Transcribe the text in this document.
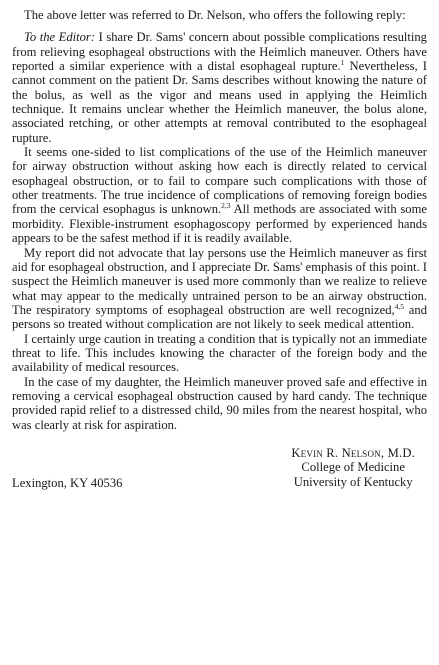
The above letter was referred to Dr. Nelson, who offers the following reply:

To the Editor: I share Dr. Sams' concern about possible complications resulting from relieving esophageal obstructions with the Heimlich maneuver. Others have reported a similar experience with a distal esophageal rupture.$^1$ Nevertheless, I cannot comment on the patient Dr. Sams describes without knowing the nature of the bolus, as well as the vigor and means used in applying the Heimlich technique. It remains unclear whether the Heimlich maneuver, the bolus alone, associated retching, or other attempts at removal contributed to the esophageal rupture.

It seems one-sided to list complications of the use of the Heimlich maneuver for airway obstruction without asking how each is directly related to cervical esophageal obstruction, or to fail to compare such complications with those of other treatments. The true incidence of complications of removing foreign bodies from the cervical esophagus is unknown.$^{2,3}$ All methods are associated with some morbidity. Flexible-instrument esophagoscopy performed by experienced hands appears to be the safest method if it is readily available.

My report did not advocate that lay persons use the Heimlich maneuver as first aid for esophageal obstruction, and I appreciate Dr. Sams' emphasis of this point. I suspect the Heimlich maneuver is used more commonly than we realize to relieve what may appear to the medically untrained person to be an airway obstruction. The respiratory symptoms of esophageal obstruction are well recognized,$^{4,5}$ and persons so treated without complication are not likely to seek medical attention.

I certainly urge caution in treating a condition that is typically not an immediate threat to life. This includes knowing the character of the foreign body and the availability of medical resources.

In the case of my daughter, the Heimlich maneuver proved safe and effective in removing a cervical esophageal obstruction caused by hard candy. The technique provided rapid relief to a distressed child, 90 miles from the nearest hospital, who was clearly at risk for aspiration.

Kevin R. Nelson, M.D.
College of Medicine
University of Kentucky
Lexington, KY 40536
